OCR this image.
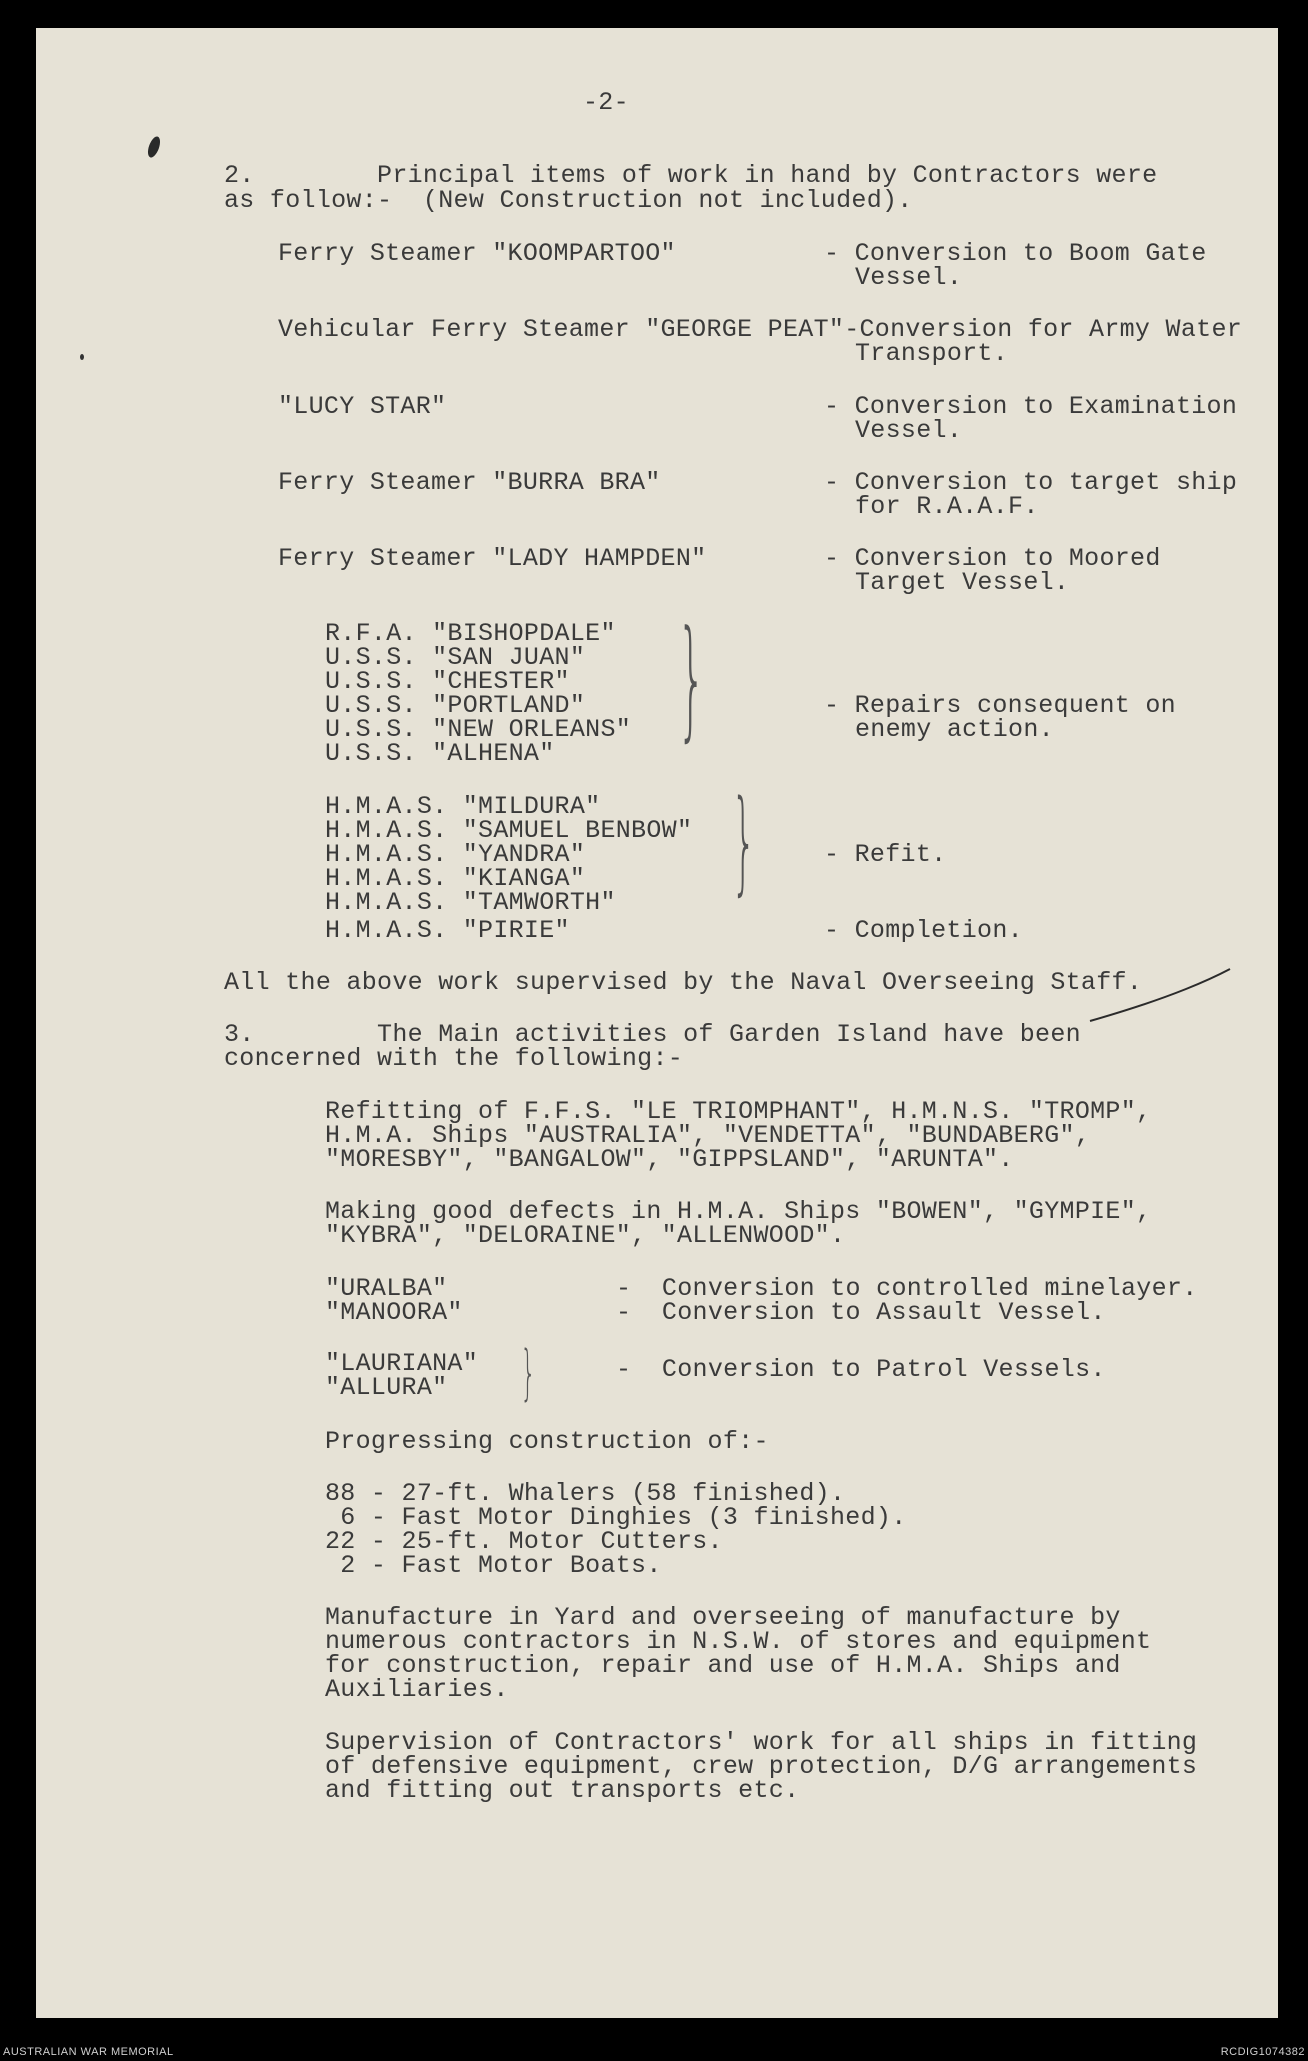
-2-
2.        Principal items of work in hand by Contractors were
as follow:-  (New Construction not included).
Ferry Steamer "KOOMPARTOO"	- Conversion to Boom Gate
Vessel.
Vehicular Ferry Steamer "GEORGE PEAT"-Conversion for Army Water
Transport.
"LUCY STAR"	- Conversion to Examination
Vessel.
Ferry Steamer "BURRA BRA"	- Conversion to target ship
for R.A.A.F.
Ferry Steamer "LADY HAMPDEN"	- Conversion to Moored
Target Vessel.
R.F.A. "BISHOPDALE"
U.S.S. "SAN JUAN"
U.S.S. "CHESTER"
U.S.S. "PORTLAND"
U.S.S. "NEW ORLEANS"
U.S.S. "ALHENA" }	- Repairs consequent on
enemy action.
H.M.A.S. "MILDURA"
H.M.A.S. "SAMUEL BENBOW"
H.M.A.S. "YANDRA"
H.M.A.S. "KIANGA"
H.M.A.S. "TAMWORTH" }	- Refit.
H.M.A.S. "PIRIE"	- Completion.
All the above work supervised by the Naval Overseeing Staff.
3.        The Main activities of Garden Island have been
concerned with the following:-
Refitting of F.F.S. "LE TRIOMPHANT", H.M.N.S. "TROMP",
H.M.A. Ships "AUSTRALIA", "VENDETTA", "BUNDABERG",
"MORESBY", "BANGALOW", "GIPPSLAND", "ARUNTA".
Making good defects in H.M.A. Ships "BOWEN", "GYMPIE",
"KYBRA", "DELORAINE", "ALLENWOOD".
"URALBA"	-  Conversion to controlled minelayer.
"MANOORA"	-  Conversion to Assault Vessel.
"LAURIANA"
"ALLURA" }	-  Conversion to Patrol Vessels.
Progressing construction of:-
88 - 27-ft. Whalers (58 finished).
6 - Fast Motor Dinghies (3 finished).
22 - 25-ft. Motor Cutters.
2 - Fast Motor Boats.
Manufacture in Yard and overseeing of manufacture by
numerous contractors in N.S.W. of stores and equipment
for construction, repair and use of H.M.A. Ships and
Auxiliaries.
Supervision of Contractors' work for all ships in fitting
of defensive equipment, crew protection, D/G arrangements
and fitting out transports etc.
AUSTRALIAN WAR MEMORIAL	RCDIG1074382
